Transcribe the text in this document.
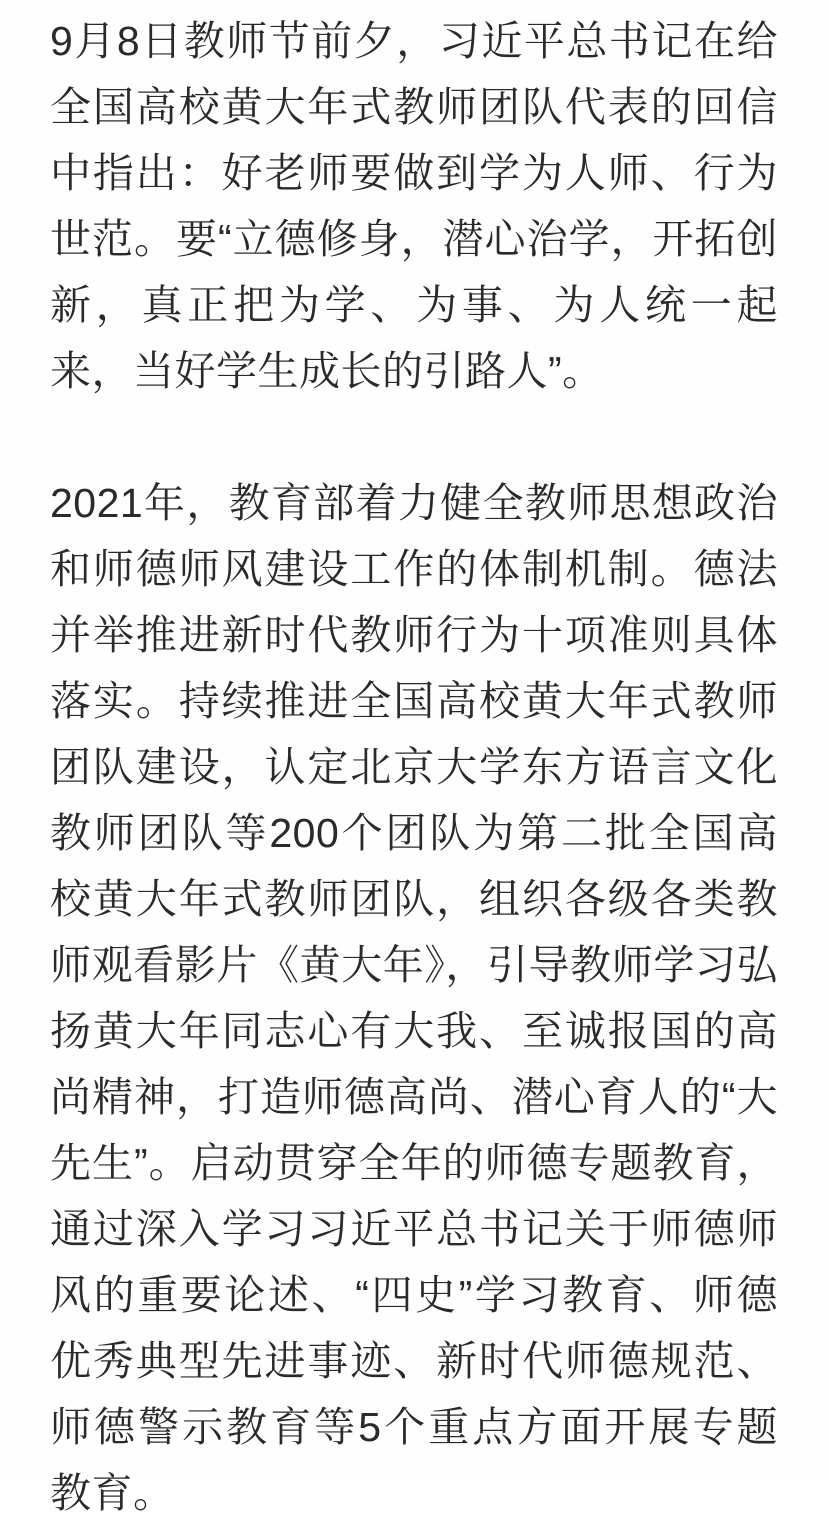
9月8日教师节前夕，习近平总书记在给全国高校黄大年式教师团队代表的回信中指出：好老师要做到学为人师、行为世范。要“立德修身，潜心治学，开拓创新，真正把为学、为事、为人统一起来，当好学生成长的引路人”。

2021年，教育部着力健全教师思想政治和师德师风建设工作的体制机制。德法并举推进新时代教师行为十项准则具体落实。持续推进全国高校黄大年式教师团队建设，认定北京大学东方语言文化教师团队等200个团队为第二批全国高校黄大年式教师团队，组织各级各类教师观看影片《黄大年》，引导教师学习弘扬黄大年同志心有大我、至诚报国的高尚精神，打造师德高尚、潜心育人的“大先生”。启动贯穿全年的师德专题教育，通过深入学习习近平总书记关于师德师风的重要论述、“四史”学习教育、师德优秀典型先进事迹、新时代师德规范、师德警示教育等5个重点方面开展专题教育。
